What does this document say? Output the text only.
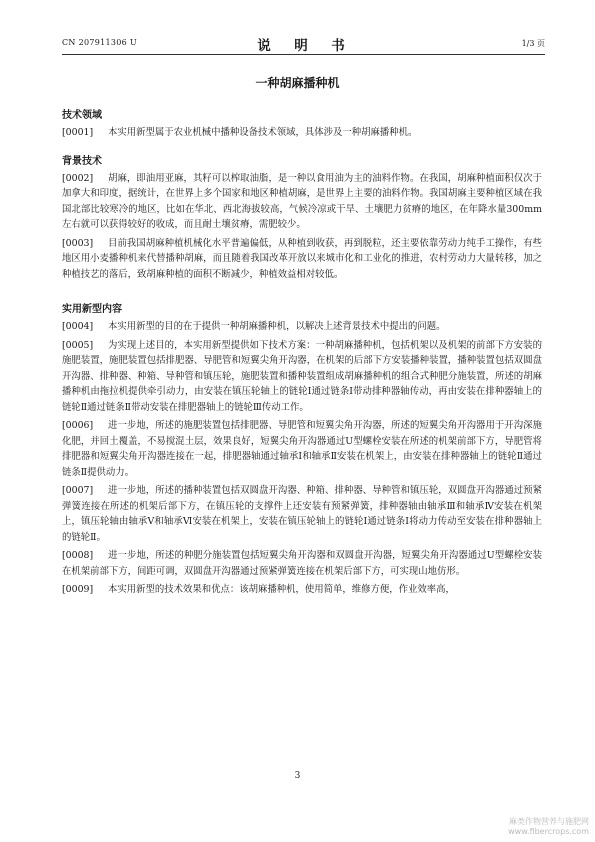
CN 207911306 U	说　明　书	1/3 页
一种胡麻播种机
技术领域

[0001] 本实用新型属于农业机械中播种设备技术领域，具体涉及一种胡麻播种机。

背景技术

[0002] 胡麻，即油用亚麻，其籽可以榨取油脂，是一种以食用油为主的油料作物。在我国，胡麻种植面积仅次于加拿大和印度，据统计，在世界上多个国家和地区种植胡麻，是世界上主要的油料作物。我国胡麻主要种植区域在我国北部比较寒冷的地区，比如在华北、西北海拔较高，气候冷凉或干旱、土壤肥力贫瘠的地区，在年降水量300mm左右就可以获得较好的收成，而且耐土壤贫瘠，需肥较少。

[0003] 目前我国胡麻种植机械化水平普遍偏低，从种植到收获，再到脱粒，还主要依靠劳动力纯手工操作，有些地区用小麦播种机来代替播种胡麻，而且随着我国改革开放以来城市化和工业化的推进，农村劳动力大量转移，加之种植技艺的落后，致胡麻种植的面积不断减少，种植效益相对较低。

实用新型内容

[0004] 本实用新型的目的在于提供一种胡麻播种机，以解决上述背景技术中提出的问题。

[0005] 为实现上述目的，本实用新型提供如下技术方案：一种胡麻播种机，包括机架以及机架的前部下方安装的施肥装置，施肥装置包括排肥器、导肥管和短翼尖角开沟器，在机架的后部下方安装播种装置，播种装置包括双圆盘开沟器、排种器、种箱、导种管和镇压轮，施肥装置和播种装置组成胡麻播种机的组合式种肥分施装置，所述的胡麻播种机由拖拉机提供牵引动力，由安装在镇压轮轴上的链轮Ⅰ通过链条Ⅰ带动排种器轴传动，再由安装在排种器轴上的链轮Ⅱ通过链条Ⅱ带动安装在排肥器轴上的链轮Ⅲ传动工作。

[0006] 进一步地，所述的施肥装置包括排肥器、导肥管和短翼尖角开沟器，所述的短翼尖角开沟器用于开沟深施化肥，并回土覆盖，不易搅混土层，效果良好，短翼尖角开沟器通过U型螺栓安装在所述的机架前部下方，导肥管将排肥器和短翼尖角开沟器连接在一起，排肥器轴通过轴承Ⅰ和轴承Ⅱ安装在机架上，由安装在排种器轴上的链轮Ⅱ通过链条Ⅱ提供动力。

[0007] 进一步地，所述的播种装置包括双圆盘开沟器、种箱、排种器、导种管和镇压轮，双圆盘开沟器通过预紧弹簧连接在所述的机架后部下方，在镇压轮的支撑件上还安装有预紧弹簧，排种器轴由轴承Ⅲ和轴承Ⅳ安装在机架上，镇压轮轴由轴承Ⅴ和轴承Ⅵ安装在机架上，安装在镇压轮轴上的链轮Ⅰ通过链条Ⅰ将动力传动至安装在排种器轴上的链轮Ⅱ。

[0008] 进一步地，所述的种肥分施装置包括短翼尖角开沟器和双圆盘开沟器，短翼尖角开沟器通过U型螺栓安装在机架前部下方，间距可调，双圆盘开沟器通过预紧弹簧连接在机架后部下方，可实现山地仿形。

[0009] 本实用新型的技术效果和优点：该胡麻播种机，使用简单，维修方便，作业效率高，

3
麻类作物营养与施肥网
www.fibercrops.com
